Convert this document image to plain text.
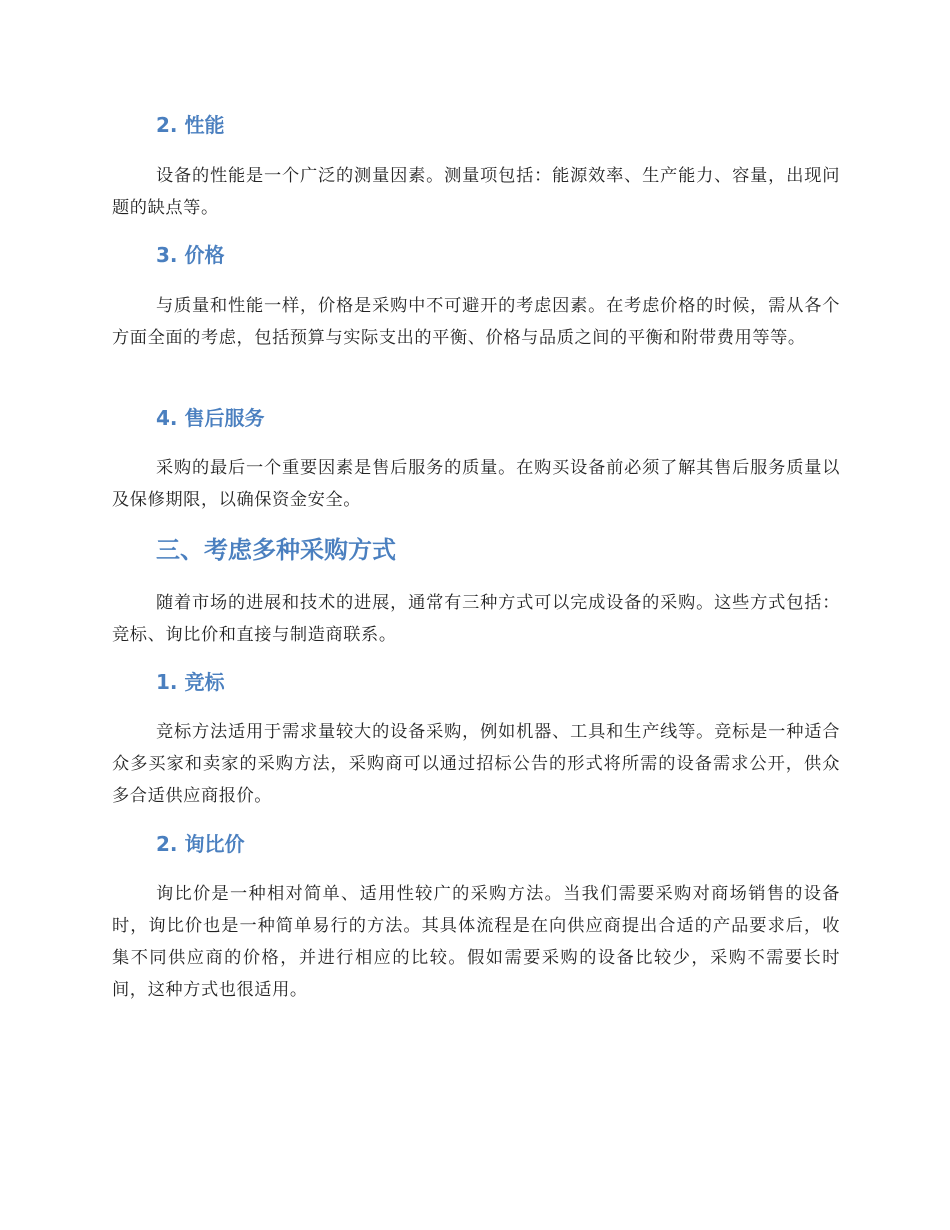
2. 性能

设备的性能是一个广泛的测量因素。测量项包括：能源效率、生产能力、容量，出现问题的缺点等。

3. 价格

与质量和性能一样，价格是采购中不可避开的考虑因素。在考虑价格的时候，需从各个方面全面的考虑，包括预算与实际支出的平衡、价格与品质之间的平衡和附带费用等等。

4. 售后服务

采购的最后一个重要因素是售后服务的质量。在购买设备前必须了解其售后服务质量以及保修期限，以确保资金安全。

三、考虑多种采购方式

随着市场的进展和技术的进展，通常有三种方式可以完成设备的采购。这些方式包括：竞标、询比价和直接与制造商联系。

1. 竞标

竞标方法适用于需求量较大的设备采购，例如机器、工具和生产线等。竞标是一种适合众多买家和卖家的采购方法，采购商可以通过招标公告的形式将所需的设备需求公开，供众多合适供应商报价。

2. 询比价

询比价是一种相对简单、适用性较广的采购方法。当我们需要采购对商场销售的设备时，询比价也是一种简单易行的方法。其具体流程是在向供应商提出合适的产品要求后，收集不同供应商的价格，并进行相应的比较。假如需要采购的设备比较少，采购不需要长时间，这种方式也很适用。
